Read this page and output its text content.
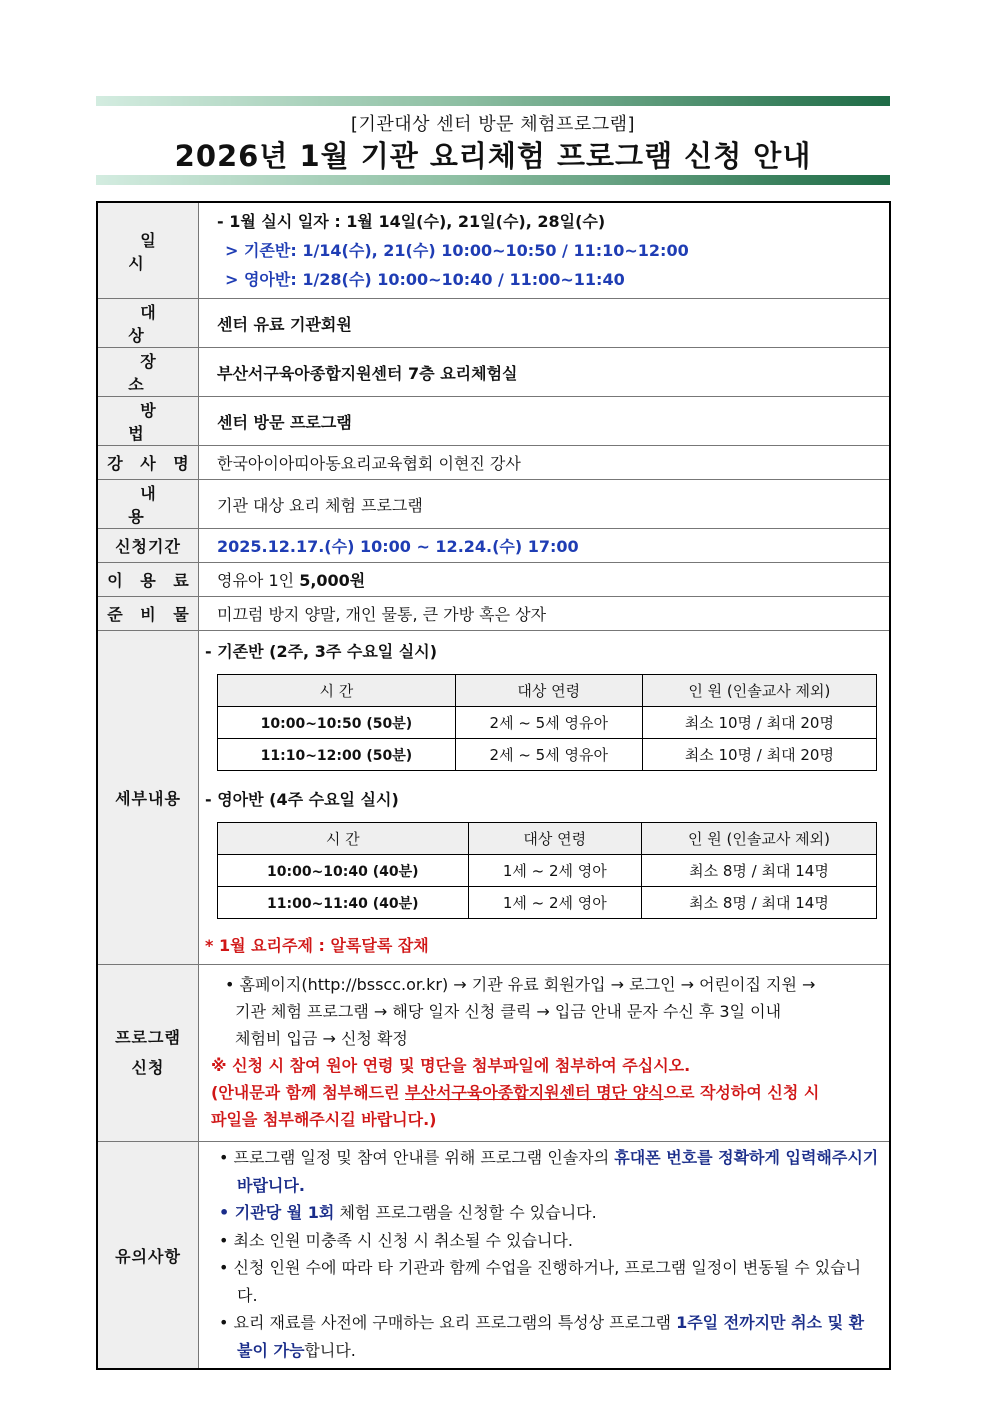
[기관대상 센터 방문 체험프로그램]
2026년 1월 기관 요리체험 프로그램 신청 안내
일 시	
- 1월 실시 일자 : 1월 14일(수), 21일(수), 28일(수)
> 기존반: 1/14(수), 21(수) 10:00~10:50 / 11:10~12:00
> 영아반: 1/28(수) 10:00~10:40 / 11:00~11:40

대 상	센터 유료 기관회원
장 소	부산서구육아종합지원센터 7층 요리체험실
방 법	센터 방문 프로그램
강 사 명	한국아이아띠아동요리교육협회 이현진 강사
내 용	기관 대상 요리 체험 프로그램
신청기간	2025.12.17.(수) 10:00 ~ 12.24.(수) 17:00
이 용 료	영유아 1인 5,000원
준 비 물	미끄럼 방지 양말, 개인 물통, 큰 가방 혹은 상자
세부내용	
- 기존반 (2주, 3주 수요일 실시)
시 간	대상 연령	인 원 (인솔교사 제외)
10:00~10:50 (50분)	2세 ~ 5세 영유아	최소 10명 / 최대 20명
11:10~12:00 (50분)	2세 ~ 5세 영유아	최소 10명 / 최대 20명
- 영아반 (4주 수요일 실시)
시 간	대상 연령	인 원 (인솔교사 제외)
10:00~10:40 (40분)	1세 ~ 2세 영아	최소 8명 / 최대 14명
11:00~11:40 (40분)	1세 ~ 2세 영아	최소 8명 / 최대 14명
* 1월 요리주제 : 알록달록 잡채

프로그램
신청

• 홈페이지(http://bsscc.or.kr) → 기관 유료 회원가입 → 로그인 → 어린이집 지원 →
기관 체험 프로그램 → 해당 일자 신청 클릭 → 입금 안내 문자 수신 후 3일 이내
체험비 입금 → 신청 확정
※ 신청 시 참여 원아 연령 및 명단을 첨부파일에 첨부하여 주십시오.
(안내문과 함께 첨부해드린 부산서구육아종합지원센터 명단 양식으로 작성하여 신청 시
파일을 첨부해주시길 바랍니다.)

유의사항	
• 프로그램 일정 및 참여 안내를 위해 프로그램 인솔자의 휴대폰 번호를 정확하게 입력해주시기 바랍니다.
• 기관당 월 1회 체험 프로그램을 신청할 수 있습니다.
• 최소 인원 미충족 시 신청 시 취소될 수 있습니다.
• 신청 인원 수에 따라 타 기관과 함께 수업을 진행하거나, 프로그램 일정이 변동될 수 있습니다.
• 요리 재료를 사전에 구매하는 요리 프로그램의 특성상 프로그램 1주일 전까지만 취소 및 환불이 가능합니다.
